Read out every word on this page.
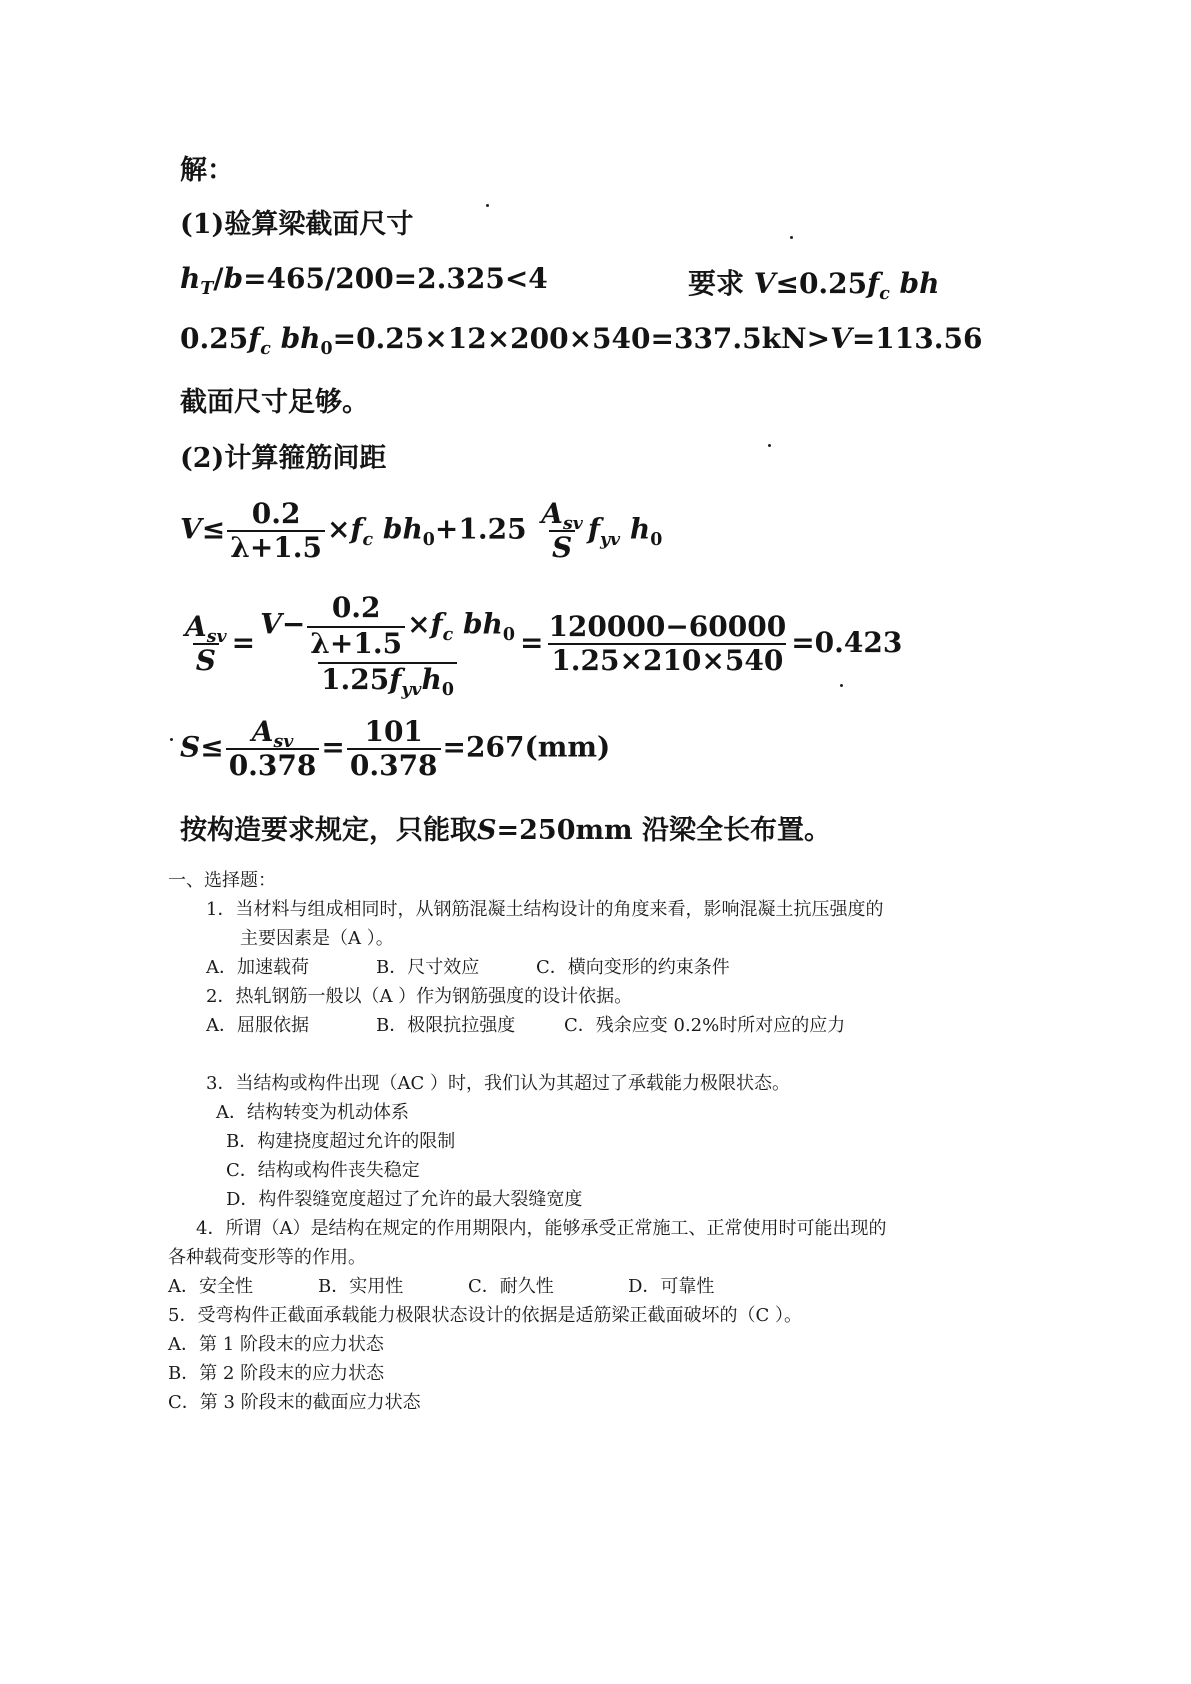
解：
(1)验算梁截面尺寸
$h_T/b=465/200=2.325<4$	要求 $V\le 0.25f_c$ bh
$0.25f_c$ $bh_0=0.25\times 12\times 200\times 540=337.5kN>V=113.56$
截面尺寸足够。
(2)计算箍筋间距
$V\le \frac{0.2}{\lambda+1.5} \times f_c$ $bh_0+1.25 \frac{A_{sv}}{S} f_{yv}$ $h_0$
$\frac{A_{sv}}{S} = \frac{V- \frac{0.2}{\lambda+1.5} \times f_c bh_0}{1.25f_{yv}h_0} = \frac{120000-60000}{1.25\times 210\times 540} =0.423$
$S\le \frac{A_{sv}}{0.378} = \frac{101}{0.378} =267(mm)$
按构造要求规定，只能取S=250mm 沿梁全长布置。
一、选择题：
1．当材料与组成相同时，从钢筋混凝土结构设计的角度来看，影响混凝土抗压强度的
主要因素是（A ）。
A．加速载荷	B．尺寸效应	C．横向变形的约束条件
2．热轧钢筋一般以（A ）作为钢筋强度的设计依据。
A．屈服依据	B．极限抗拉强度	C．残余应变 0.2%时所对应的应力
3．当结构或构件出现（AC ）时，我们认为其超过了承载能力极限状态。
A．结构转变为机动体系
B．构建挠度超过允许的限制
C．结构或构件丧失稳定
D．构件裂缝宽度超过了允许的最大裂缝宽度
4．所谓（A）是结构在规定的作用期限内，能够承受正常施工、正常使用时可能出现的
各种载荷变形等的作用。
A．安全性	B．实用性	C．耐久性	D．可靠性
5．受弯构件正截面承载能力极限状态设计的依据是适筋梁正截面破坏的（C ）。
A．第 1 阶段末的应力状态
B．第 2 阶段末的应力状态
C．第 3 阶段末的截面应力状态
